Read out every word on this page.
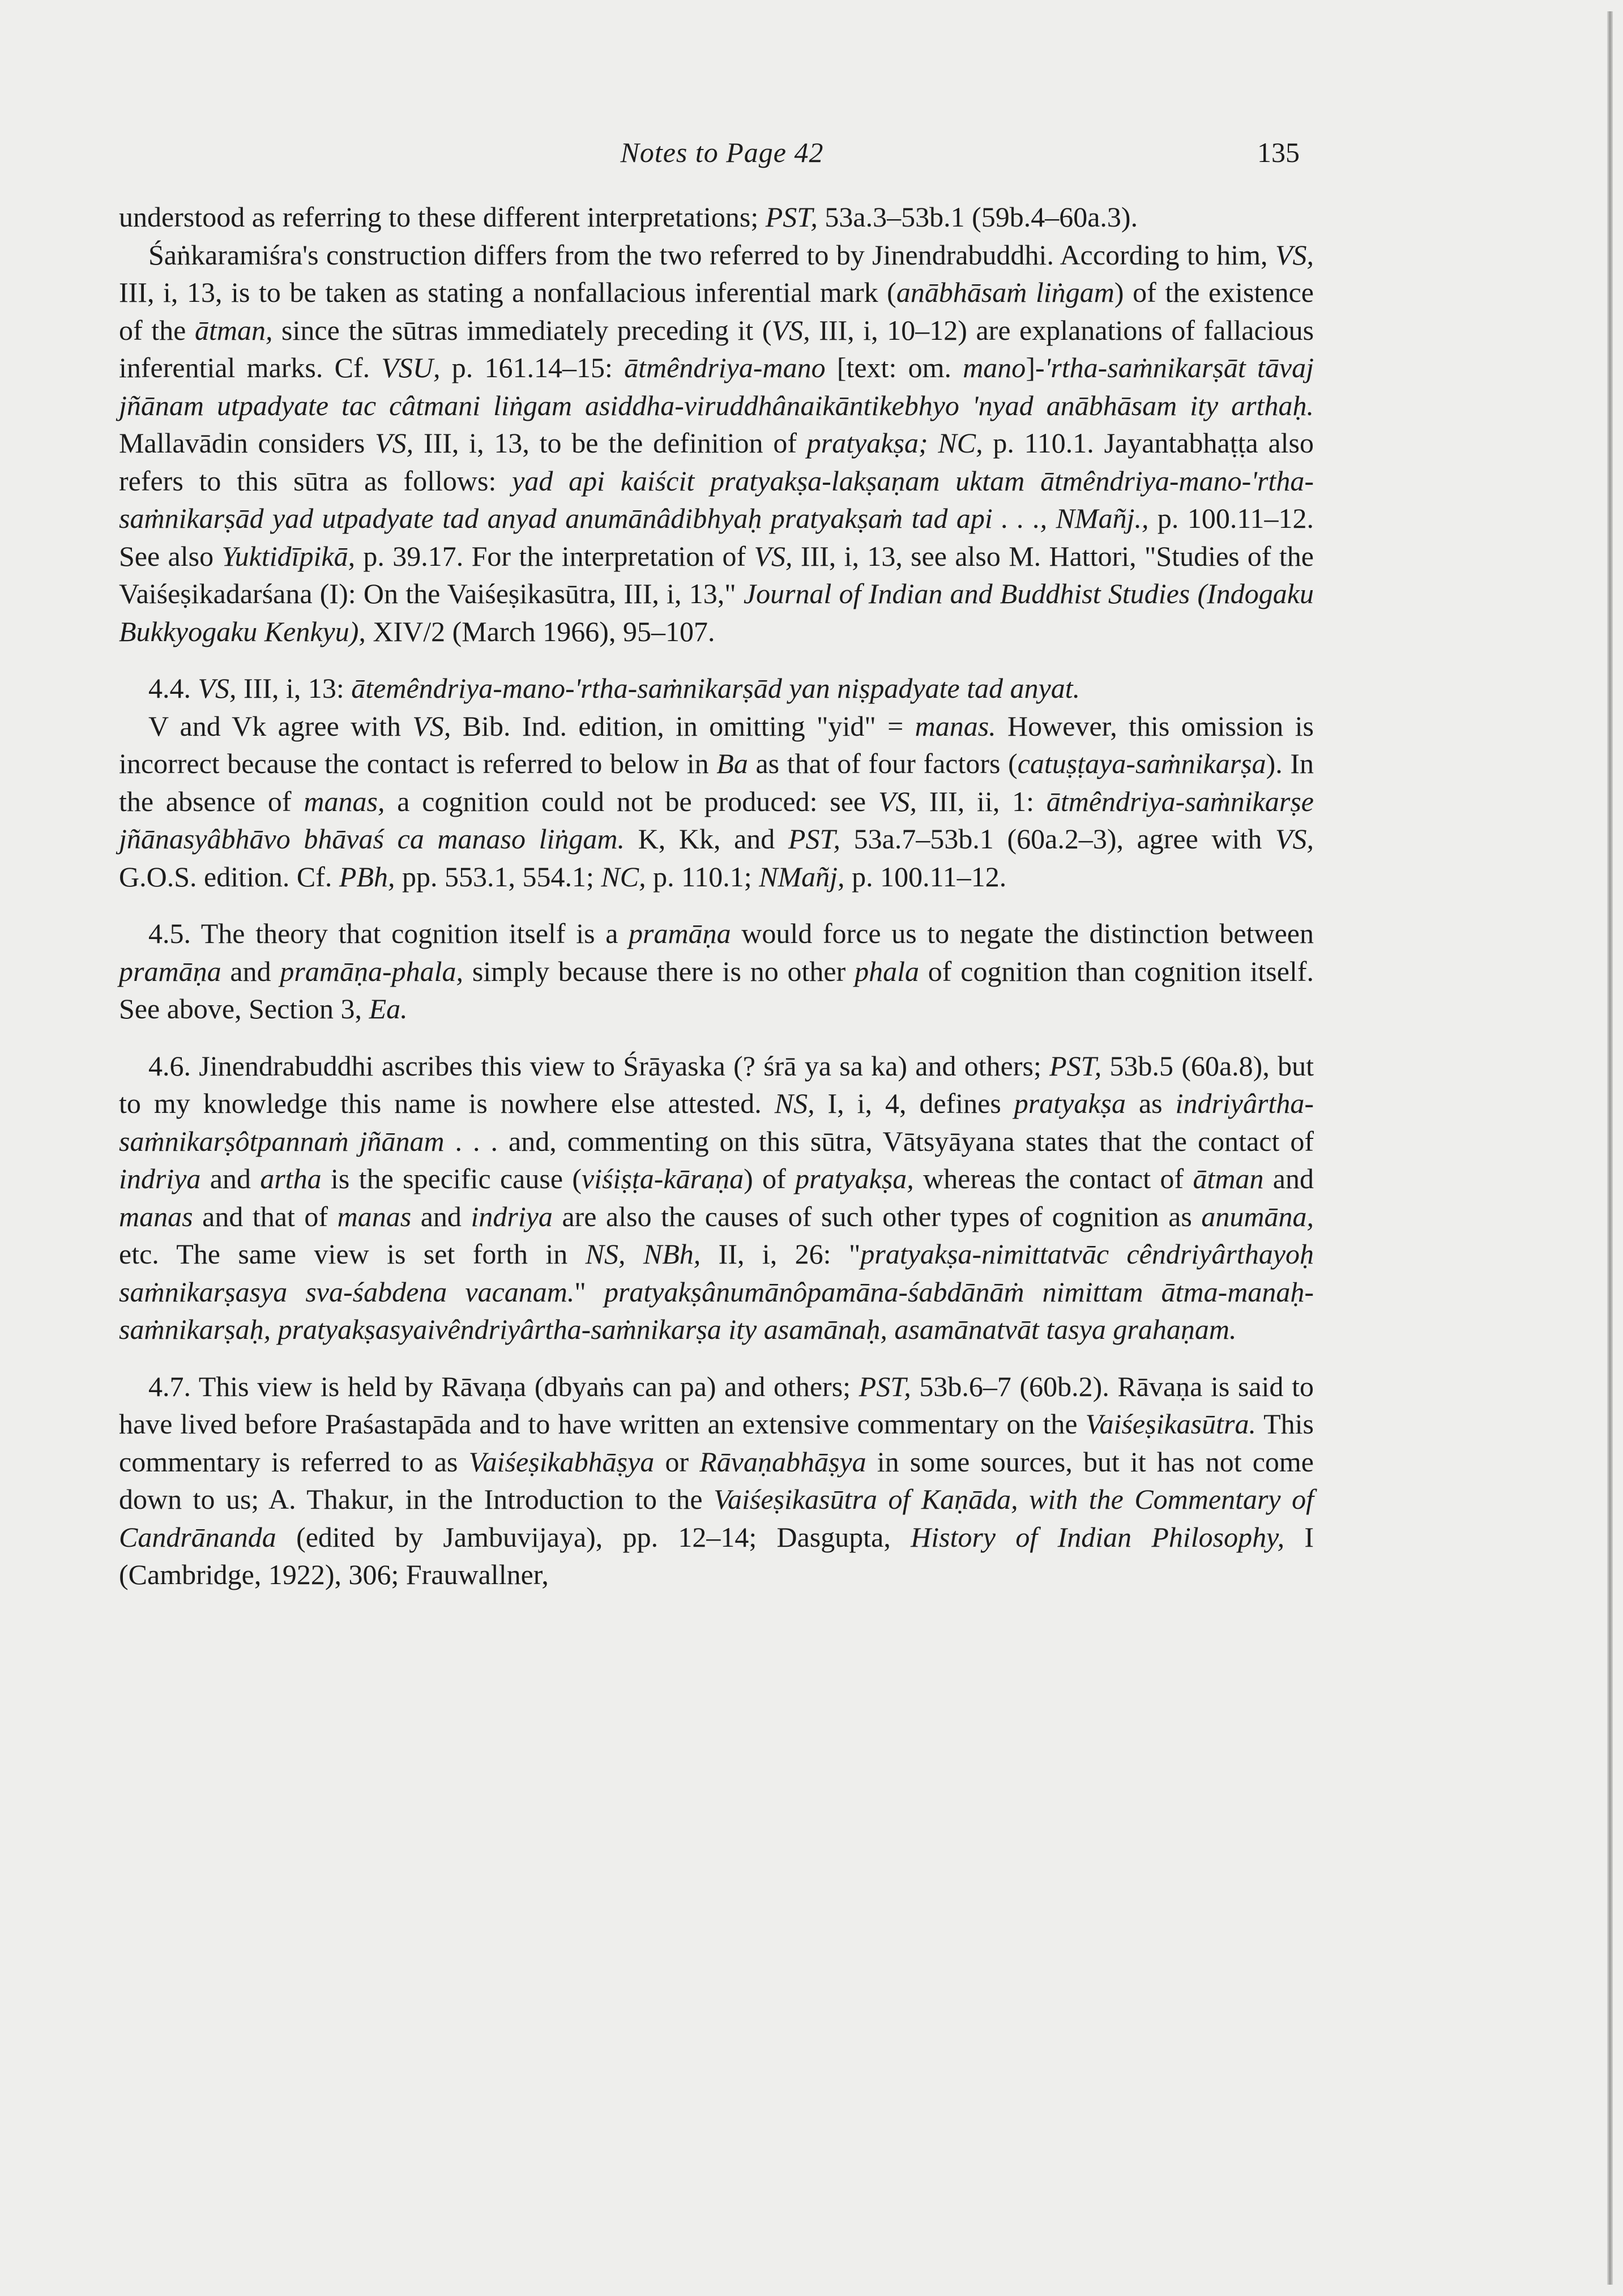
Notes to Page 42	135

understood as referring to these different interpretations; PST, 53a.3–53b.1 (59b.4–60a.3).

Śaṅkaramiśra's construction differs from the two referred to by Jinendrabuddhi. According to him, VS, III, i, 13, is to be taken as stating a nonfallacious inferential mark (anābhāsaṁ liṅgam) of the existence of the ātman, since the sūtras immediately preceding it (VS, III, i, 10–12) are explanations of fallacious inferential marks. Cf. VSU, p. 161.14–15: ātmêndriya-mano [text: om. mano]-'rtha-saṁnikarṣāt tāvaj jñānam utpadyate tac câtmani liṅgam asiddha-viruddhânaikāntikebhyo 'nyad anābhāsam ity arthaḥ. Mallavādin considers VS, III, i, 13, to be the definition of pratyakṣa; NC, p. 110.1. Jayantabhaṭṭa also refers to this sūtra as follows: yad api kaiścit pratyakṣa-lakṣaṇam uktam ātmêndriya-mano-'rtha-saṁnikarṣād yad utpadyate tad anyad anumānâdibhyaḥ pratyakṣaṁ tad api . . ., NMañj., p. 100.11–12. See also Yuktidīpikā, p. 39.17. For the interpretation of VS, III, i, 13, see also M. Hattori, "Studies of the Vaiśeṣikadarśana (I): On the Vaiśeṣikasūtra, III, i, 13," Journal of Indian and Buddhist Studies (Indogaku Bukkyogaku Kenkyu), XIV/2 (March 1966), 95–107.

4.4. VS, III, i, 13: ātemêndriya-mano-'rtha-saṁnikarṣād yan niṣpadyate tad anyat.

V and Vk agree with VS, Bib. Ind. edition, in omitting "yid" = manas. However, this omission is incorrect because the contact is referred to below in Ba as that of four factors (catuṣṭaya-saṁnikarṣa). In the absence of manas, a cognition could not be produced: see VS, III, ii, 1: ātmêndriya-saṁnikarṣe jñānasyâbhāvo bhāvaś ca manaso liṅgam. K, Kk, and PST, 53a.7–53b.1 (60a.2–3), agree with VS, G.O.S. edition. Cf. PBh, pp. 553.1, 554.1; NC, p. 110.1; NMañj, p. 100.11–12.

4.5. The theory that cognition itself is a pramāṇa would force us to negate the distinction between pramāṇa and pramāṇa-phala, simply because there is no other phala of cognition than cognition itself. See above, Section 3, Ea.

4.6. Jinendrabuddhi ascribes this view to Śrāyaska (? śrā ya sa ka) and others; PST, 53b.5 (60a.8), but to my knowledge this name is nowhere else attested. NS, I, i, 4, defines pratyakṣa as indriyârtha-saṁnikarṣôtpannaṁ jñānam . . . and, commenting on this sūtra, Vātsyāyana states that the contact of indriya and artha is the specific cause (viśiṣṭa-kāraṇa) of pratyakṣa, whereas the contact of ātman and manas and that of manas and indriya are also the causes of such other types of cognition as anumāna, etc. The same view is set forth in NS, NBh, II, i, 26: "pratyakṣa-nimittatvāc cêndriyârthayoḥ saṁnikarṣasya sva-śabdena vacanam." pratyakṣânumānôpamāna-śabdānāṁ nimittam ātma-manaḥ-saṁnikarṣaḥ, pratyakṣasyaivêndriyârtha-saṁnikarṣa ity asamānaḥ, asamānatvāt tasya grahaṇam.

4.7. This view is held by Rāvaṇa (dbyaṅs can pa) and others; PST, 53b.6–7 (60b.2). Rāvaṇa is said to have lived before Praśastapāda and to have written an extensive commentary on the Vaiśeṣikasūtra. This commentary is referred to as Vaiśeṣikabhāṣya or Rāvaṇabhāṣya in some sources, but it has not come down to us; A. Thakur, in the Introduction to the Vaiśeṣikasūtra of Kaṇāda, with the Commentary of Candrānanda (edited by Jambuvijaya), pp. 12–14; Dasgupta, History of Indian Philosophy, I (Cambridge, 1922), 306; Frauwallner,
